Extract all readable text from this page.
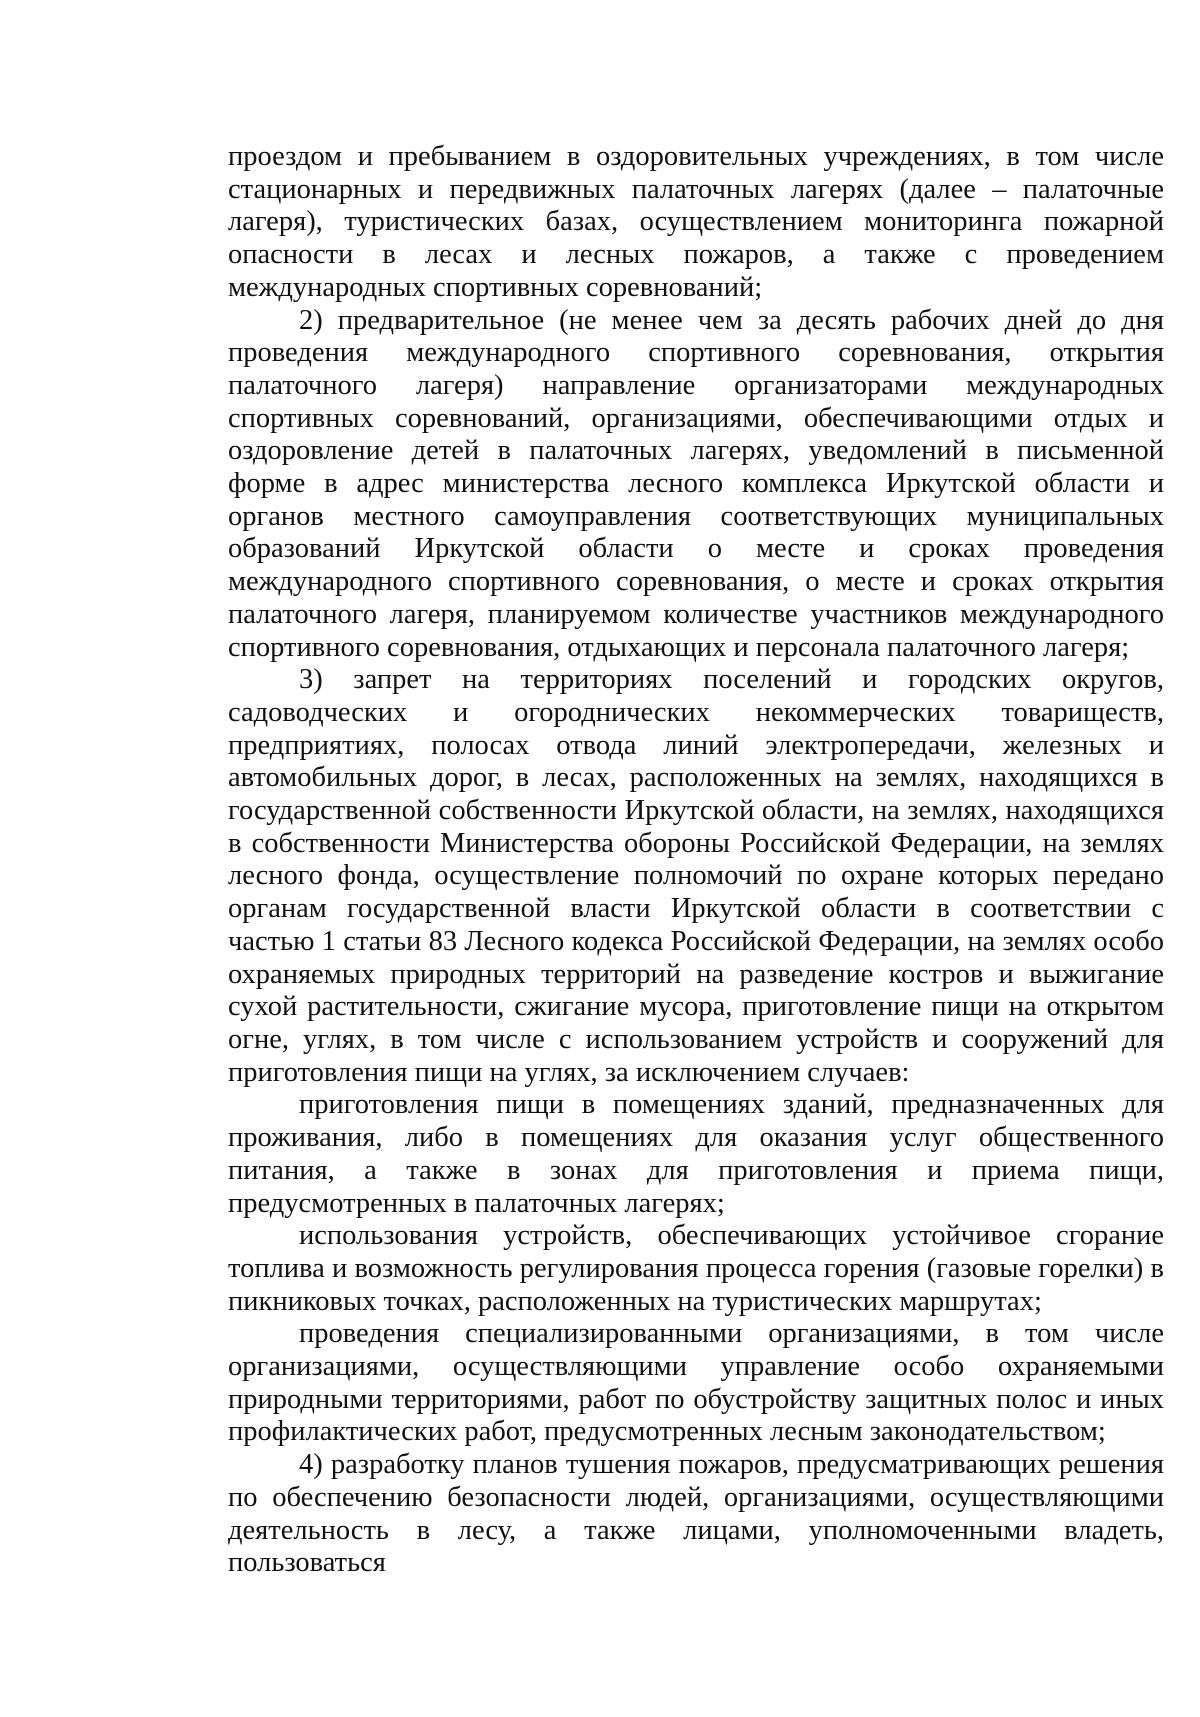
проездом и пребыванием в оздоровительных учреждениях, в том числе стационарных и передвижных палаточных лагерях (далее – палаточные лагеря), туристических базах, осуществлением мониторинга пожарной опасности в лесах и лесных пожаров, а также с проведением международных спортивных соревнований;

2) предварительное (не менее чем за десять рабочих дней до дня проведения международного спортивного соревнования, открытия палаточного лагеря) направление организаторами международных спортивных соревнований, организациями, обеспечивающими отдых и оздоровление детей в палаточных лагерях, уведомлений в письменной форме в адрес министерства лесного комплекса Иркутской области и органов местного самоуправления соответствующих муниципальных образований Иркутской области о месте и сроках проведения международного спортивного соревнования, о месте и сроках открытия палаточного лагеря, планируемом количестве участников международного спортивного соревнования, отдыхающих и персонала палаточного лагеря;

3) запрет на территориях поселений и городских округов, садоводческих и огороднических некоммерческих товариществ, предприятиях, полосах отвода линий электропередачи, железных и автомобильных дорог, в лесах, расположенных на землях, находящихся в государственной собственности Иркутской области, на землях, находящихся в собственности Министерства обороны Российской Федерации, на землях лесного фонда, осуществление полномочий по охране которых передано органам государственной власти Иркутской области в соответствии с частью 1 статьи 83 Лесного кодекса Российской Федерации, на землях особо охраняемых природных территорий на разведение костров и выжигание сухой растительности, сжигание мусора, приготовление пищи на открытом огне, углях, в том числе с использованием устройств и сооружений для приготовления пищи на углях, за исключением случаев:

приготовления пищи в помещениях зданий, предназначенных для проживания, либо в помещениях для оказания услуг общественного питания, а также в зонах для приготовления и приема пищи, предусмотренных в палаточных лагерях;

использования устройств, обеспечивающих устойчивое сгорание топлива и возможность регулирования процесса горения (газовые горелки) в пикниковых точках, расположенных на туристических маршрутах;

проведения специализированными организациями, в том числе организациями, осуществляющими управление особо охраняемыми природными территориями, работ по обустройству защитных полос и иных профилактических работ, предусмотренных лесным законодательством;

4) разработку планов тушения пожаров, предусматривающих решения по обеспечению безопасности людей, организациями, осуществляющими деятельность в лесу, а также лицами, уполномоченными владеть, пользоваться
